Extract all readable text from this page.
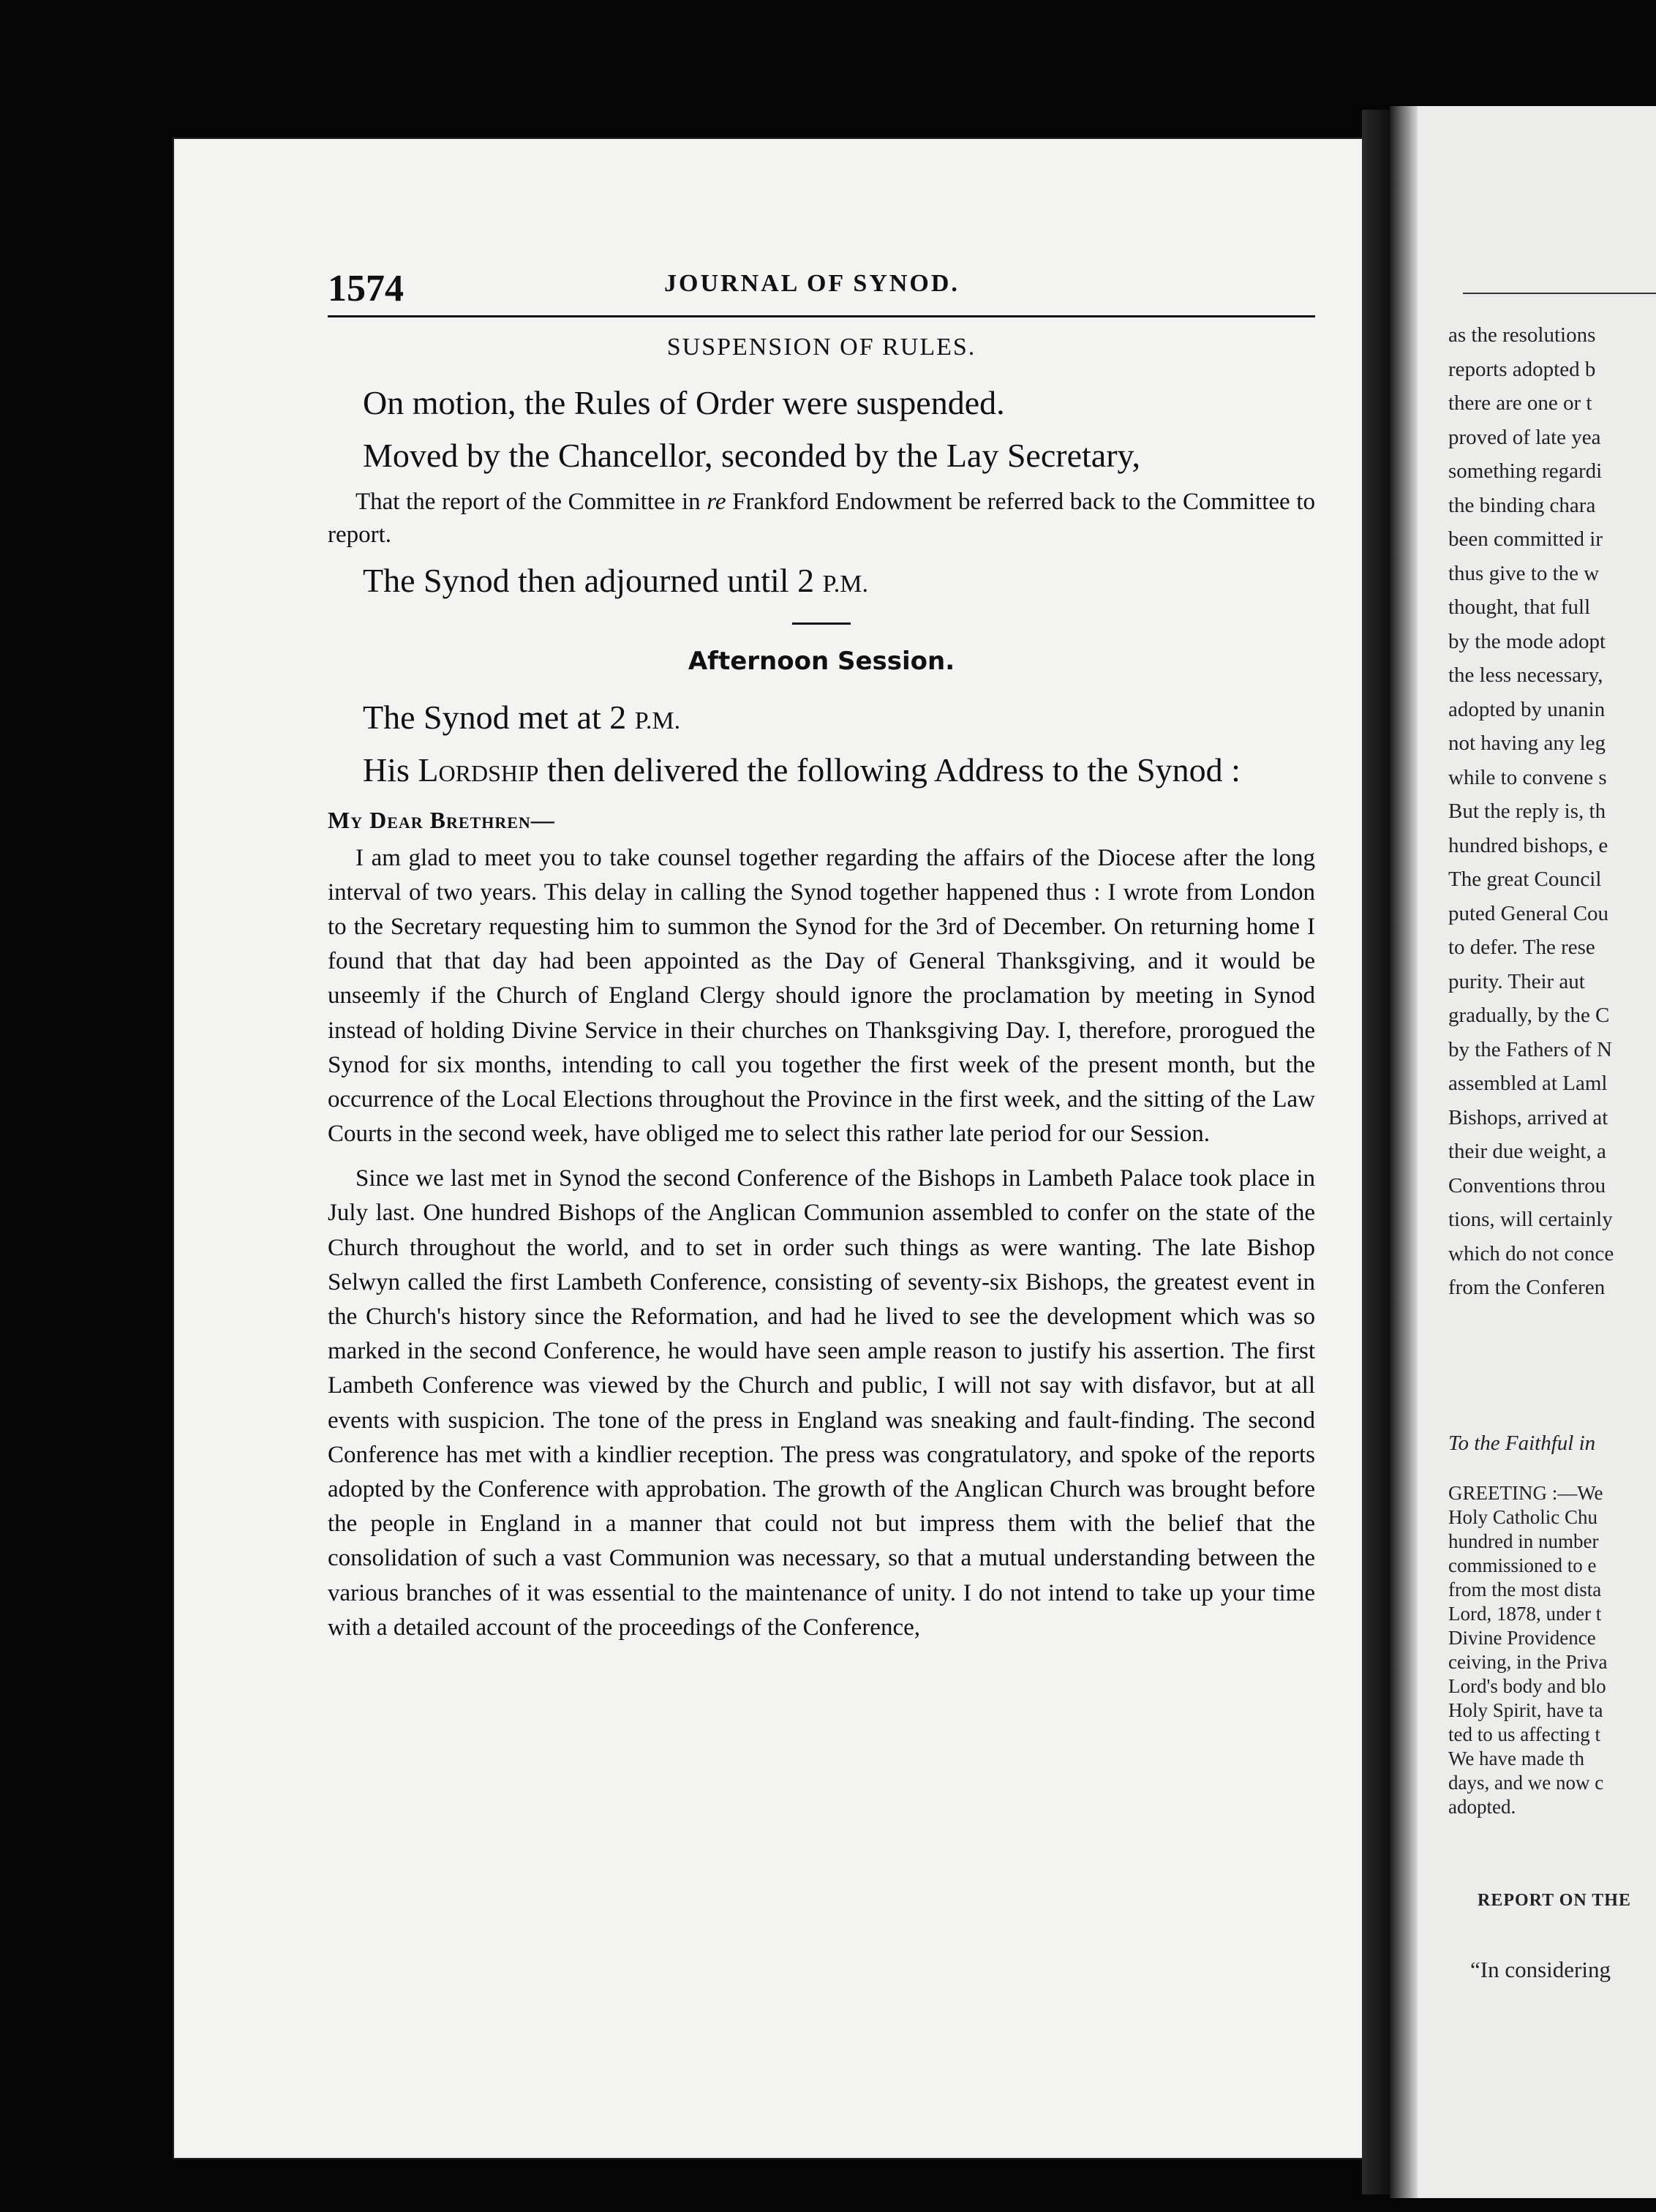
1574	JOURNAL OF SYNOD.
SUSPENSION OF RULES.

On motion, the Rules of Order were suspended.

Moved by the Chancellor, seconded by the Lay Secretary,

That the report of the Committee in re Frankford Endowment be referred back to the Committee to report.

The Synod then adjourned until 2 P.M.

Afternoon Session.

The Synod met at 2 P.M.

His Lordship then delivered the following Address to the Synod :

My Dear Brethren—

I am glad to meet you to take counsel together regarding the affairs of the Diocese after the long interval of two years. This delay in calling the Synod together happened thus : I wrote from London to the Secretary requesting him to summon the Synod for the 3rd of December. On returning home I found that that day had been appointed as the Day of General Thanksgiving, and it would be unseemly if the Church of England Clergy should ignore the proclamation by meeting in Synod instead of holding Divine Service in their churches on Thanksgiving Day. I, therefore, prorogued the Synod for six months, intending to call you together the first week of the present month, but the occurrence of the Local Elections throughout the Province in the first week, and the sitting of the Law Courts in the second week, have obliged me to select this rather late period for our Session.

Since we last met in Synod the second Conference of the Bishops in Lambeth Palace took place in July last. One hundred Bishops of the Anglican Communion assembled to confer on the state of the Church throughout the world, and to set in order such things as were wanting. The late Bishop Selwyn called the first Lambeth Conference, consisting of seventy-six Bishops, the greatest event in the Church's history since the Reformation, and had he lived to see the development which was so marked in the second Conference, he would have seen ample reason to justify his assertion. The first Lambeth Conference was viewed by the Church and public, I will not say with disfavor, but at all events with suspicion. The tone of the press in England was sneaking and fault-finding. The second Conference has met with a kindlier reception. The press was congratulatory, and spoke of the reports adopted by the Conference with approbation. The growth of the Anglican Church was brought before the people in England in a manner that could not but impress them with the belief that the consolidation of such a vast Communion was necessary, so that a mutual understanding between the various branches of it was essential to the maintenance of unity. I do not intend to take up your time with a detailed account of the proceedings of the Conference,

as the resolutions
reports adopted b
there are one or t
proved of late yea
something regardi
the binding chara
been committed ir
thus give to the w
thought, that full
by the mode adopt
the less necessary,
adopted by unanin
not having any leg
while to convene s
But the reply is, th
hundred bishops, e
The great Council
puted General Cou
to defer. The rese
purity. Their aut
gradually, by the C
by the Fathers of N
assembled at Laml
Bishops, arrived at
their due weight, a
Conventions throu
tions, will certainly
which do not conce
from the Conferen
To the Faithful in
GREETING :—We
Holy Catholic Chu
hundred in number
commissioned to e
from the most dista
Lord, 1878, under t
Divine Providence
ceiving, in the Priva
Lord's body and blo
Holy Spirit, have ta
ted to us affecting t
We have made th
days, and we now c
adopted.
REPORT ON THE
“In considering
